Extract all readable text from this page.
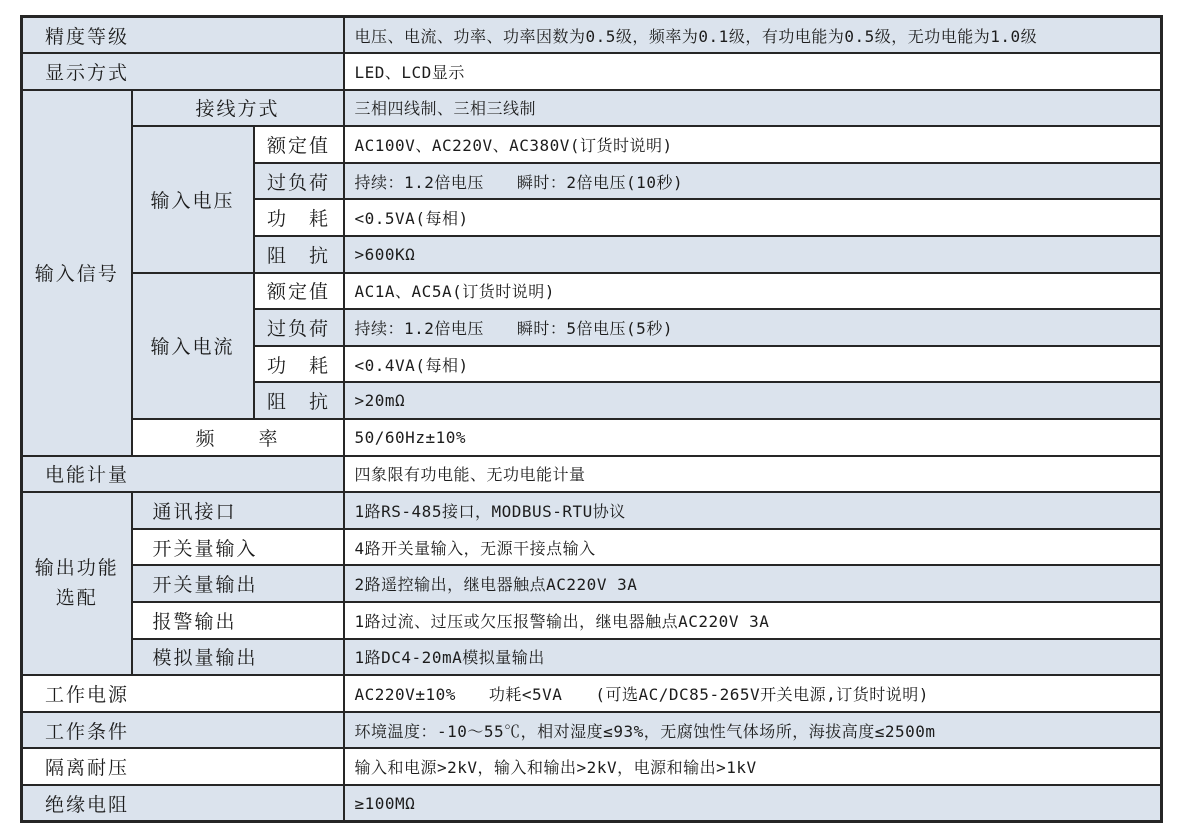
精度等级			电压、电流、功率、功率因数为0.5级，频率为0.1级，有功电能为0.5级，无功电能为1.0级
显示方式			LED、LCD显示
输入信号	接线方式		三相四线制、三相三线制
	输入电压	额定值	AC100V、AC220V、AC380V(订货时说明)
		过负荷	持续：1.2倍电压　　瞬时：2倍电压(10秒)
		功　耗	<0.5VA(每相)
		阻　抗	>600KΩ
	输入电流	额定值	AC1A、AC5A(订货时说明)
		过负荷	持续：1.2倍电压　　瞬时：5倍电压(5秒)
		功　耗	<0.4VA(每相)
		阻　抗	>20mΩ
	频　　率		50/60Hz±10%
电能计量			四象限有功电能、无功电能计量

输出功能选配	通讯接口		1路RS-485接口，MODBUS-RTU协议
	开关量输入		4路开关量输入，无源干接点输入
	开关量输出		2路遥控输出，继电器触点AC220V 3A
	报警输出		1路过流、过压或欠压报警输出，继电器触点AC220V 3A
	模拟量输出		1路DC4-20mA模拟量输出
工作电源			AC220V±10%　　功耗<5VA　　(可选AC/DC85-265V开关电源,订货时说明)
工作条件			环境温度：-10～55℃，相对湿度≤93%，无腐蚀性气体场所，海拔高度≤2500m
隔离耐压			输入和电源>2kV，输入和输出>2kV，电源和输出>1kV
绝缘电阻			≥100MΩ
